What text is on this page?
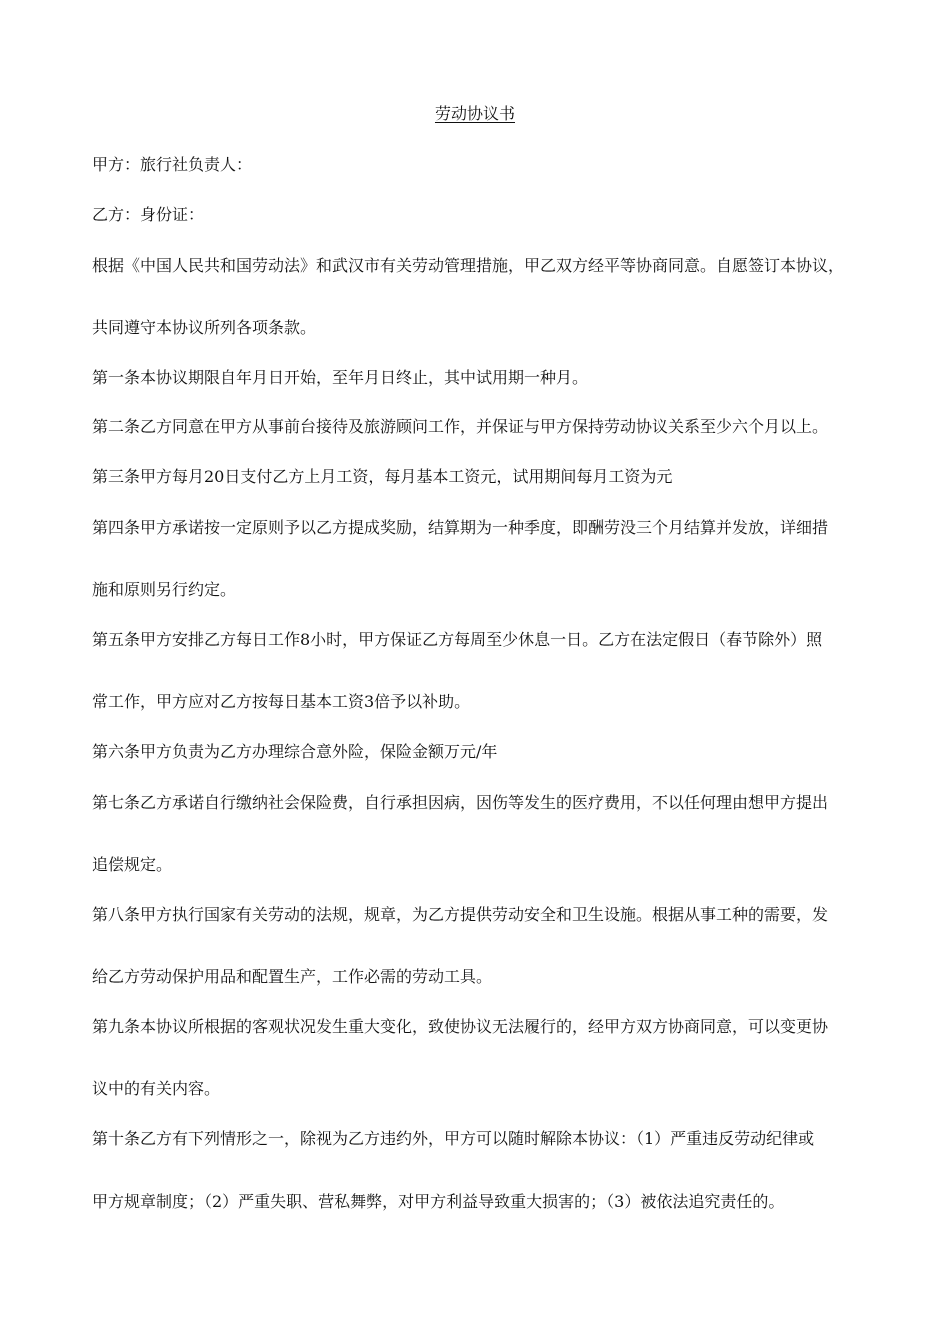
劳动协议书
甲方：旅行社负责人：
乙方：身份证：
根据《中国人民共和国劳动法》和武汉市有关劳动管理措施，甲乙双方经平等协商同意。自愿签订本协议，
共同遵守本协议所列各项条款。
第一条本协议期限自年月日开始，至年月日终止，其中试用期一种月。
第二条乙方同意在甲方从事前台接待及旅游顾问工作，并保证与甲方保持劳动协议关系至少六个月以上。
第三条甲方每月20日支付乙方上月工资，每月基本工资元，试用期间每月工资为元
第四条甲方承诺按一定原则予以乙方提成奖励，结算期为一种季度，即酬劳没三个月结算并发放，详细措
施和原则另行约定。
第五条甲方安排乙方每日工作8小时，甲方保证乙方每周至少休息一日。乙方在法定假日（春节除外）照
常工作，甲方应对乙方按每日基本工资3倍予以补助。
第六条甲方负责为乙方办理综合意外险，保险金额万元/年
第七条乙方承诺自行缴纳社会保险费，自行承担因病，因伤等发生的医疗费用，不以任何理由想甲方提出
追偿规定。
第八条甲方执行国家有关劳动的法规，规章，为乙方提供劳动安全和卫生设施。根据从事工种的需要，发
给乙方劳动保护用品和配置生产，工作必需的劳动工具。
第九条本协议所根据的客观状况发生重大变化，致使协议无法履行的，经甲方双方协商同意，可以变更协
议中的有关内容。
第十条乙方有下列情形之一，除视为乙方违约外，甲方可以随时解除本协议：（1）严重违反劳动纪律或
甲方规章制度；（2）严重失职、营私舞弊，对甲方利益导致重大损害的；（3）被依法追究责任的。
